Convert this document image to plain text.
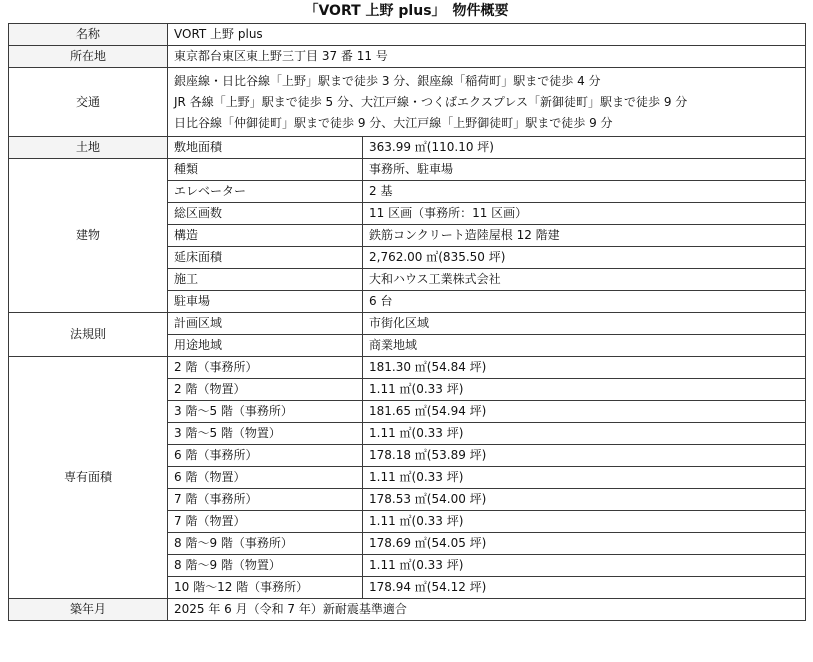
「VORT 上野 plus」　物件概要
名称	VORT 上野 plus	
所在地	東京都台東区東上野三丁目 37 番 11 号	
交通	銀座線・日比谷線「上野」駅まで徒歩 3 分、銀座線「稲荷町」駅まで徒歩 4 分
JR 各線「上野」駅まで徒歩 5 分、大江戸線・つくばエクスプレス「新御徒町」駅まで徒歩 9 分
日比谷線「仲御徒町」駅まで徒歩 9 分、大江戸線「上野御徒町」駅まで徒歩 9 分	

土地	敷地面積	363.99 ㎡(110.10 坪)
建物	種類	事務所、駐車場
	エレベーター	2 基
	総区画数	11 区画（事務所：11 区画）
	構造	鉄筋コンクリート造陸屋根 12 階建
	延床面積	2,762.00 ㎡(835.50 坪)
	施工	大和ハウス工業株式会社
	駐車場	6 台
法規則	計画区域	市街化区域
	用途地域	商業地域
専有面積	2 階（事務所）	181.30 ㎡(54.84 坪)
	2 階（物置）	1.11 ㎡(0.33 坪)
	3 階～5 階（事務所）	181.65 ㎡(54.94 坪)
	3 階～5 階（物置）	1.11 ㎡(0.33 坪)
	6 階（事務所）	178.18 ㎡(53.89 坪)
	6 階（物置）	1.11 ㎡(0.33 坪)
	7 階（事務所）	178.53 ㎡(54.00 坪)
	7 階（物置）	1.11 ㎡(0.33 坪)
	8 階～9 階（事務所）	178.69 ㎡(54.05 坪)
	8 階～9 階（物置）	1.11 ㎡(0.33 坪)
	10 階～12 階（事務所）	178.94 ㎡(54.12 坪)
築年月	2025 年 6 月（令和 7 年）新耐震基準適合	
